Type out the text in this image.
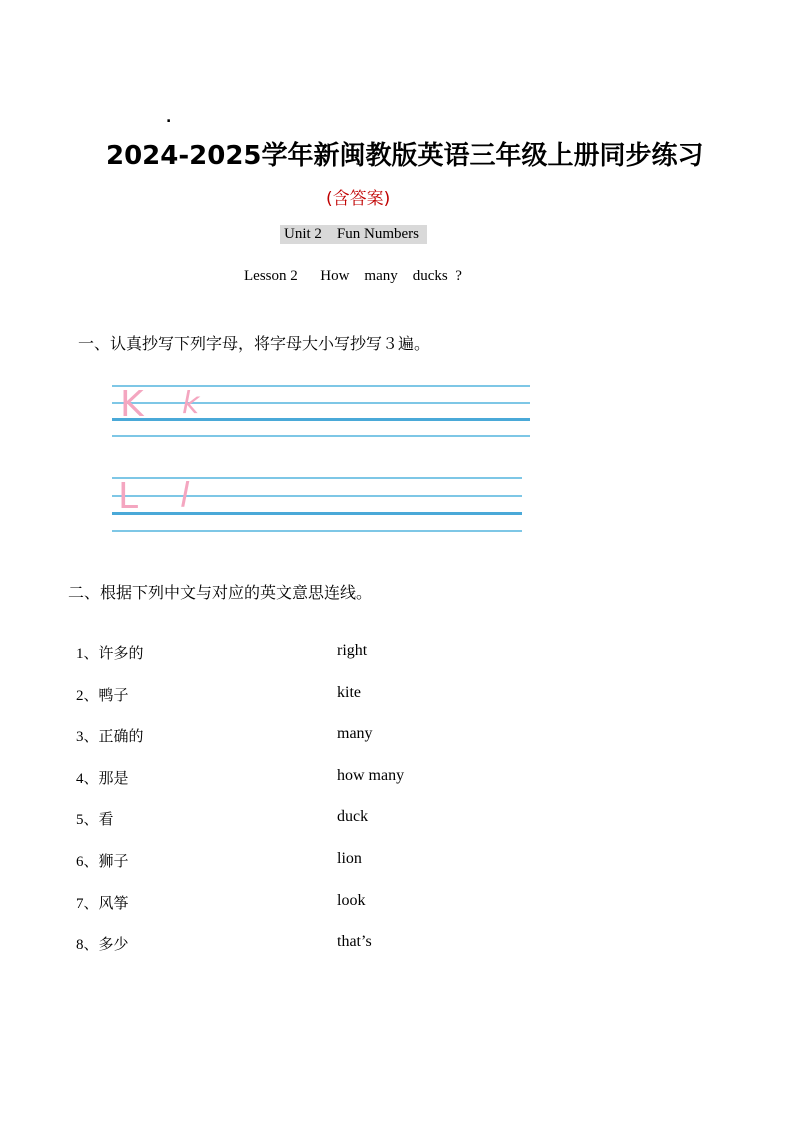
.
2024-2025学年新闽教版英语三年级上册同步练习
(含答案)
Unit 2    Fun Numbers
Lesson 2      How    many    ducks  ?
一、认真抄写下列字母，将字母大小写抄写３遍。
K k
L l
二、根据下列中文与对应的英文意思连线。
1、许多的	right
2、鸭子	kite
3、正确的	many
4、那是	how many
5、看	duck
6、狮子	lion
7、风筝	look
8、多少	that’s
